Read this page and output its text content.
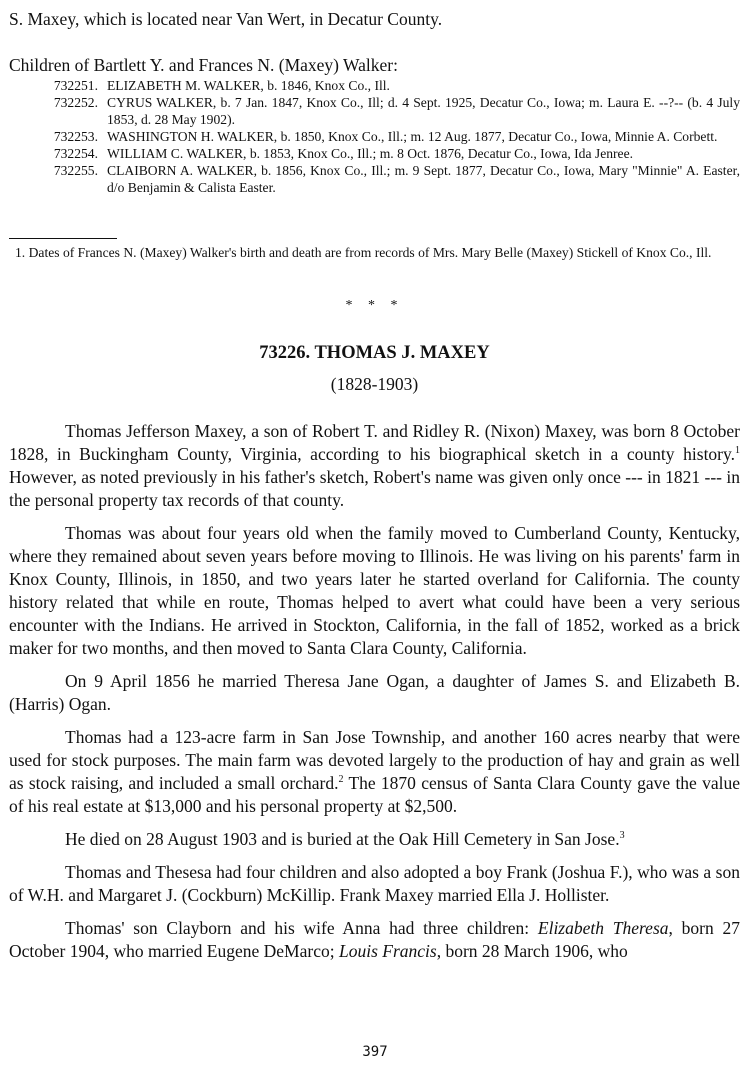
S. Maxey, which is located near Van Wert, in Decatur County.

Children of Bartlett Y. and Frances N. (Maxey) Walker:

732251. ELIZABETH M. WALKER, b. 1846, Knox Co., Ill.
732252. CYRUS WALKER, b. 7 Jan. 1847, Knox Co., Ill; d. 4 Sept. 1925, Decatur Co., Iowa; m. Laura E. --?-- (b. 4 July 1853, d. 28 May 1902).
732253. WASHINGTON H. WALKER, b. 1850, Knox Co., Ill.; m. 12 Aug. 1877, Decatur Co., Iowa, Minnie A. Corbett.
732254. WILLIAM C. WALKER, b. 1853, Knox Co., Ill.; m. 8 Oct. 1876, Decatur Co., Iowa, Ida Jenree.
732255. CLAIBORN A. WALKER, b. 1856, Knox Co., Ill.; m. 9 Sept. 1877, Decatur Co., Iowa, Mary "Minnie" A. Easter, d/o Benjamin & Calista Easter.

1. Dates of Frances N. (Maxey) Walker's birth and death are from records of Mrs. Mary Belle (Maxey) Stickell of Knox Co., Ill.

* * *
73226. THOMAS J. MAXEY

(1828-1903)

Thomas Jefferson Maxey, a son of Robert T. and Ridley R. (Nixon) Maxey, was born 8 October 1828, in Buckingham County, Virginia, according to his biographical sketch in a county history.$^1$ However, as noted previously in his father's sketch, Robert's name was given only once --- in 1821 --- in the personal property tax records of that county.

Thomas was about four years old when the family moved to Cumberland County, Kentucky, where they remained about seven years before moving to Illinois. He was living on his parents' farm in Knox County, Illinois, in 1850, and two years later he started overland for California. The county history related that while en route, Thomas helped to avert what could have been a very serious encounter with the Indians. He arrived in Stockton, California, in the fall of 1852, worked as a brick maker for two months, and then moved to Santa Clara County, California.

On 9 April 1856 he married Theresa Jane Ogan, a daughter of James S. and Elizabeth B. (Harris) Ogan.

Thomas had a 123-acre farm in San Jose Township, and another 160 acres nearby that were used for stock purposes. The main farm was devoted largely to the production of hay and grain as well as stock raising, and included a small orchard.$^2$ The 1870 census of Santa Clara County gave the value of his real estate at $13,000 and his personal property at $2,500.

He died on 28 August 1903 and is buried at the Oak Hill Cemetery in San Jose.$^3$

Thomas and Thesesa had four children and also adopted a boy Frank (Joshua F.), who was a son of W.H. and Margaret J. (Cockburn) McKillip. Frank Maxey married Ella J. Hollister.

Thomas' son Clayborn and his wife Anna had three children: Elizabeth Theresa, born 27 October 1904, who married Eugene DeMarco; Louis Francis, born 28 March 1906, who

397
